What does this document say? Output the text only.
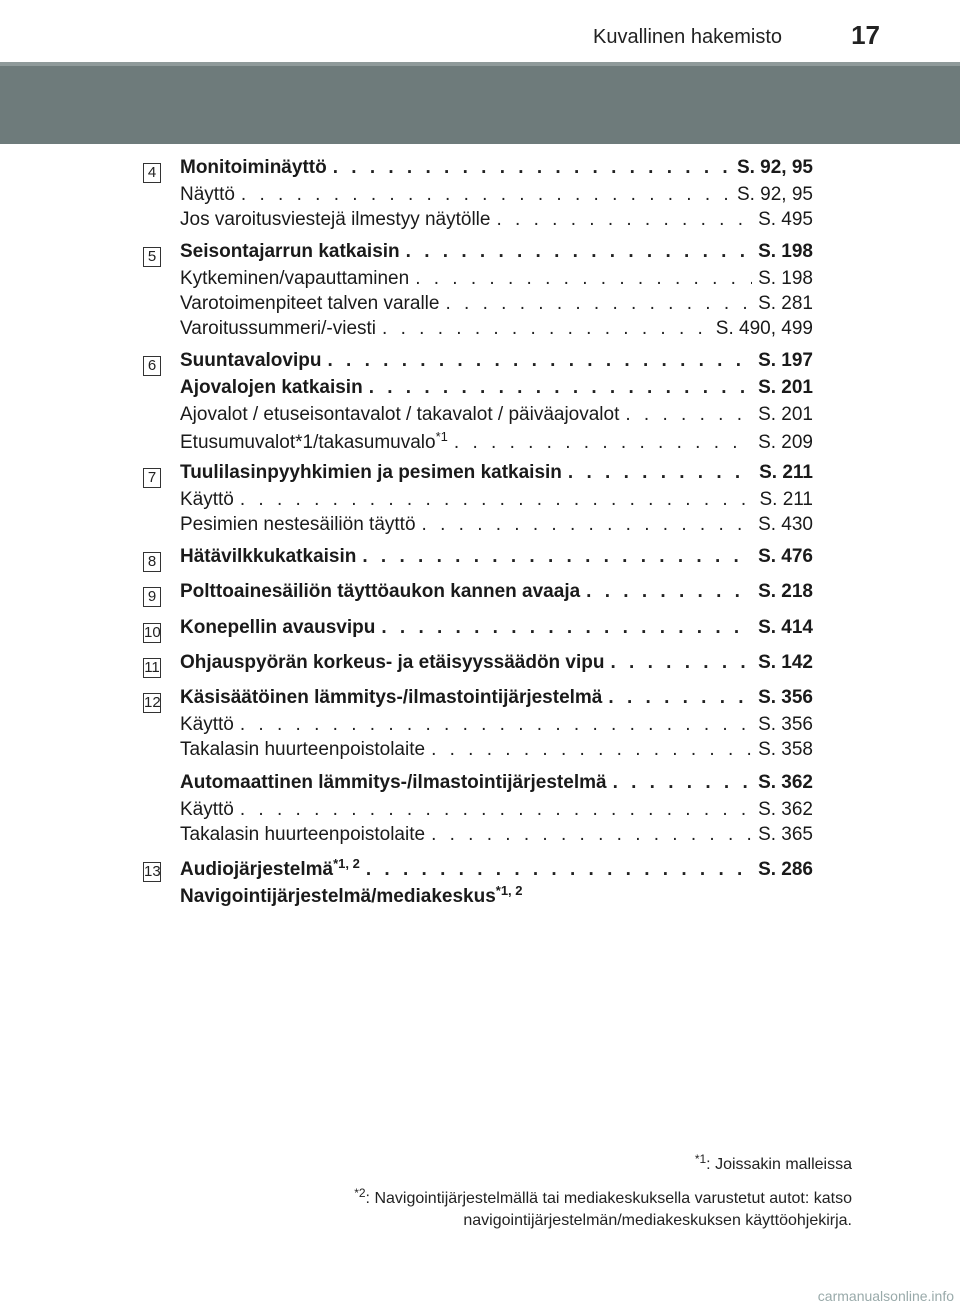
Kuvallinen hakemisto	17
4 Monitoiminäyttö . . .	S. 92, 95
Näyttö . . .	S. 92, 95
Jos varoitusviestejä ilmestyy näytölle . . .	S. 495
5 Seisontajarrun katkaisin . . .	S. 198
Kytkeminen/vapauttaminen . . .	S. 198
Varotoimenpiteet talven varalle . . .	S. 281
Varoitussummeri/-viesti . . .	S. 490, 499
6 Suuntavalovipu . . .	S. 197
Ajovalojen katkaisin . . .	S. 201
Ajovalot / etuseisontavalot / takavalot / päiväajovalot . . .	S. 201
Etusumuvalot*1/takasumuvalo$^{*1}$ . . .	S. 209
7 Tuulilasinpyyhkimien ja pesimen katkaisin . . .	S. 211
Käyttö . . .	S. 211
Pesimien nestesäiliön täyttö . . .	S. 430
8 Hätävilkkukatkaisin . . .	S. 476
9 Polttoainesäiliön täyttöaukon kannen avaaja . . .	S. 218
10 Konepellin avausvipu . . .	S. 414
11 Ohjauspyörän korkeus- ja etäisyyssäädön vipu . . .	S. 142
12 Käsisäätöinen lämmitys-/ilmastointijärjestelmä . . .	S. 356
Käyttö . . .	S. 356
Takalasin huurteenpoistolaite . . .	S. 358
Automaattinen lämmitys-/ilmastointijärjestelmä . . .	S. 362
Käyttö . . .	S. 362
Takalasin huurteenpoistolaite . . .	S. 365
13 Audiojärjestelmä$^{*1, 2}$ . . .	S. 286
Navigointijärjestelmä/mediakeskus$^{*1, 2}$
$^{*1}$: Joissakin malleissa
$^{*2}$: Navigointijärjestelmällä tai mediakeskuksella varustetut autot: katso
navigointijärjestelmän/mediakeskuksen käyttöohjekirja.
carmanualsonline.info
